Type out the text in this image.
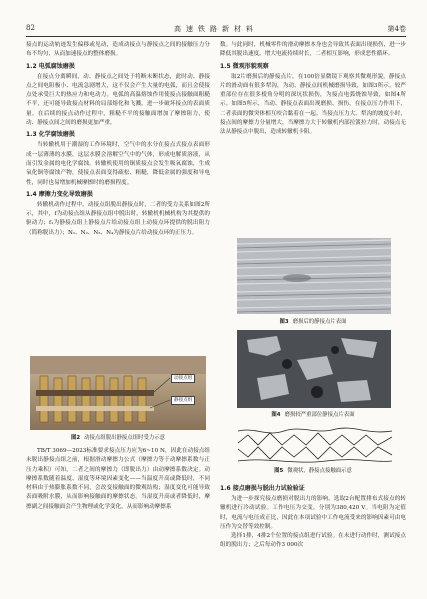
82	高速铁路新材料	第4卷

接点的运动轨迹发生偏移或见动，造成动接点与静接点之间的接触压力分布不均匀，从而加速接点的整体磨损。

1.2 电弧腐蚀磨损

在接点分离瞬间，动、静接点之间处于将断未断状态，此时动、静接点之间电阻极小、电流急剧增大，这不仅会产生大量的电弧，而且会使接点处承受巨大的热应力和电动力。电弧的高温熔蚀作用使接点接触面粗糙不平，还可能导致接点材料的局部熔化和飞溅，进一步破坏接点的表面质量。在后续的接点动作过程中，粗糙不平的接触面增加了摩擦阻力，使动、静接点间之间的磨损更加严重。

1.3 化学腐蚀磨损

当转辙机用于潮湿的工作环境时，空气中的水分在接点式接点表面形成一层薄薄的水膜，这层水膜会溶解空气中的气体，形成电解质溶液，从而引发金属的电化学腐蚀。转辙机使用的铜质接点会发生吸氧腐蚀，生成氧化铜等腐蚀产物，使接点表面变得疏松、粗糙，降低金属的强度和导电性，同时也易增加机械摩擦时的磨损程度。

1.4 摩擦力变化导致磨损

转辙机动作过程中，动接点组脱出静接点时，二者的受力关系如图2所示，其中，f为动接点组从静接点组中脱出时，转辙机机械机构为其提供的驱动力；f₁为静接点组上静接点片给动接点组上动接点环提供的脱出阻力（简称脱出力）；N₁、N₂、N₃、N₄为静接点片给动接点环的正压力。

动接点组
静接点组
图2 动接点组脱出静接点组时受力示意

TB/T 3069—2023标准要求接点压力应为6~10 N，因此在动接点组未脱出静接点组之前，根据滑动摩擦力公式（摩擦力等于动摩擦系数与正压力乘积）可知，二者之间的摩擦力（即脱出力）由动摩擦系数决定。动摩擦系数随着温度、湿度等环境因素变化——当温度升高或降低时，不同材料由于热膨胀系数不同，会改变接触面的微观结构；湿度变化可能导致表面吸附水膜，从而影响接触面的摩擦状态。当湿度升高或者降低时，摩擦副之间接触面会产生物理或化学变化，从而影响动摩擦系

数。与此同时，机械零件的滑动摩擦本身也会导致其表面出现损伤，进一步降低其脱出速度，增大电流持续时长，二者相互影响，形成恶性循环。

1.5 微观形貌观察

取2片磨损后的静接点片，在100倍显微镜下观察其微观形貌。静接点片的滑动面有很多犁沟，为动、静接点间机械磨损导致，如图3所示。较严重部位存在很多棱角分明的深坑状损伤，为接点电弧烧蚀导致，如图4所示。如图5所示，当动、静接点表面出现磨损、损伤，在接点压力作用下，二者表面的微突体相互咬合黏着在一起。当接点压力大、犁沟的坡度小时，接点间的摩擦力分量增大，当摩擦力大于转辙机内部拉簧拉力时，动接点无法从静接点中脱出，造成转辙机卡阻。

图3 磨损后的静接点片表面
图4 磨损较严重部位静接点片表面
图5 微观状，静接点接触面示意
1.6 接点磨损与脱出力试验验证

为进一步探究接点磨损对脱出力的影响，选取2台配置排布式接点的转辙机进行冷动试验。工作电压为交变，分别为380,420 V。当电阻为定值时，电流与电压成正比，因此在本项试验中工作电流受来的影响因素可由电压作为交替等效控制。

选择1排，4排2个位置的接点组进行试验。在未进行动作时，测试接点组的脱出力；之后每动作3 000次
